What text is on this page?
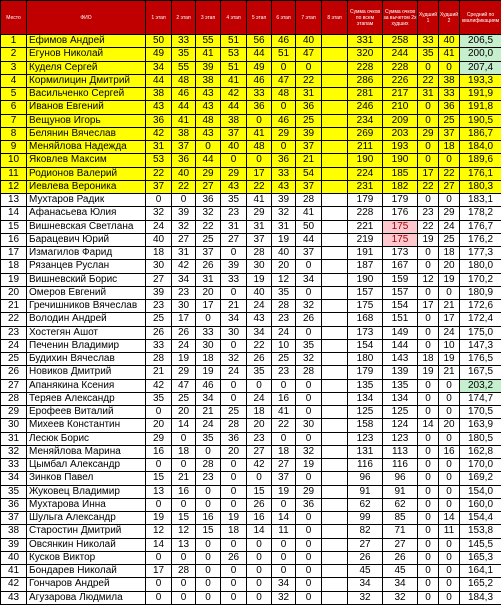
Место	ФИО	1 этап	2 этап	3 этап	4 этап	5 этап	6 этап	7 этап	8 этап	Сумма очков по всем этапам	Сумма очков за вычетом 2х худших	Худший 1	Худший 2	Средний по квалификациям
1	Ефимов Андрей	50	33	55	51	56	46	40		331	258	33	40	206,5
2	Егунов Николай	49	35	41	53	44	51	47		320	244	35	41	200,0
3	Куделя Сергей	34	55	39	51	49	0	0		228	228	0	0	207,4
4	Кормилицин Дмитрий	44	48	38	41	46	47	22		286	226	22	38	193,3
5	Васильченко Сергей	38	46	43	42	33	48	31		281	217	31	33	191,9
6	Иванов Евгений	43	44	43	44	36	0	36		246	210	0	36	191,8
7	Вещунов Игорь	36	41	48	38	0	46	25		234	209	0	25	190,5
8	Белянин Вячеслав	42	38	43	37	41	29	39		269	203	29	37	186,7
9	Меняйлова Надежда	31	37	0	40	48	0	37		211	193	0	18	184,0
10	Яковлев Максим	53	36	44	0	0	36	21		190	190	0	0	189,6
11	Родионов Валерий	22	40	29	29	17	33	54		224	185	17	22	176,1
12	Иевлева Вероника	37	22	27	43	22	43	37		231	182	22	27	180,3
13	Мухтаров Радик	0	0	36	35	41	39	28		179	179	0	0	183,1
14	Афанасьева Юлия	32	39	32	23	29	32	41		228	176	23	29	178,2
15	Вишневская Светлана	24	32	22	31	31	31	50		221	175	22	24	176,7
16	Барацевич Юрий	40	27	25	27	37	19	44		219	175	19	25	176,2
17	Измагилов Фарид	18	31	37	0	28	40	37		191	173	0	18	177,3
18	Рязанцев Руслан	30	42	26	39	30	20	0		187	167	0	20	180,0
19	Вишневский Борис	27	34	31	33	19	12	34		190	159	12	19	170,2
20	Омеров Евгений	39	23	20	0	40	35	0		157	157	0	0	180,9
21	Гречишников Вячеслав	23	30	17	21	24	28	32		175	154	17	21	172,6
22	Володин Андрей	25	17	0	34	43	23	26		168	151	0	17	172,4
23	Хостегян Ашот	26	26	33	30	34	24	0		173	149	0	24	175,0
24	Печенин Владимир	33	24	30	0	22	10	35		154	144	0	10	147,3
25	Будихин Вячеслав	28	19	18	32	26	25	32		180	143	18	19	176,5
26	Новиков Дмитрий	21	29	19	24	35	23	28		179	139	19	21	167,5
27	Апанякина Ксения	42	47	46	0	0	0	0		135	135	0	0	203,2
28	Теряев Александр	35	25	34	0	24	16	0		134	134	0	0	174,7
29	Ерофеев Виталий	0	20	21	25	18	41	0		125	125	0	0	170,5
30	Михеев Константин	20	14	24	28	20	22	30		158	124	14	20	163,9
31	Лесюк Борис	29	0	35	36	23	0	0		123	123	0	0	180,5
32	Меняйлова Марина	16	18	0	20	27	18	32		131	113	0	16	162,8
33	Цымбал Александр	0	0	28	0	42	27	19		116	116	0	0	170,0
34	Зинков Павел	15	21	23	0	0	37	0		96	96	0	0	169,2
35	Жуковец Владимир	13	16	0	0	15	19	29		91	91	0	0	154,0
36	Мухтарова Инна	0	0	0	0	26	0	36		62	62	0	0	160,0
37	Шульга Александр	19	15	16	19	16	14	0		99	85	0	14	154,4
38	Старостин Дмитрий	12	12	15	18	14	11	0		82	71	0	11	153,8
39	Овсянкин Николай	14	13	0	0	0	0	0		27	27	0	0	145,5
40	Кусков Виктор	0	0	0	26	0	0	0		26	26	0	0	165,3
41	Бондарев Николай	17	28	0	0	0	0	0		45	45	0	0	164,1
42	Гончаров Андрей	0	0	0	0	0	34	0		34	34	0	0	165,2
43	Агузарова Людмила	0	0	0	0	0	32	0		32	32	0	0	184,3
